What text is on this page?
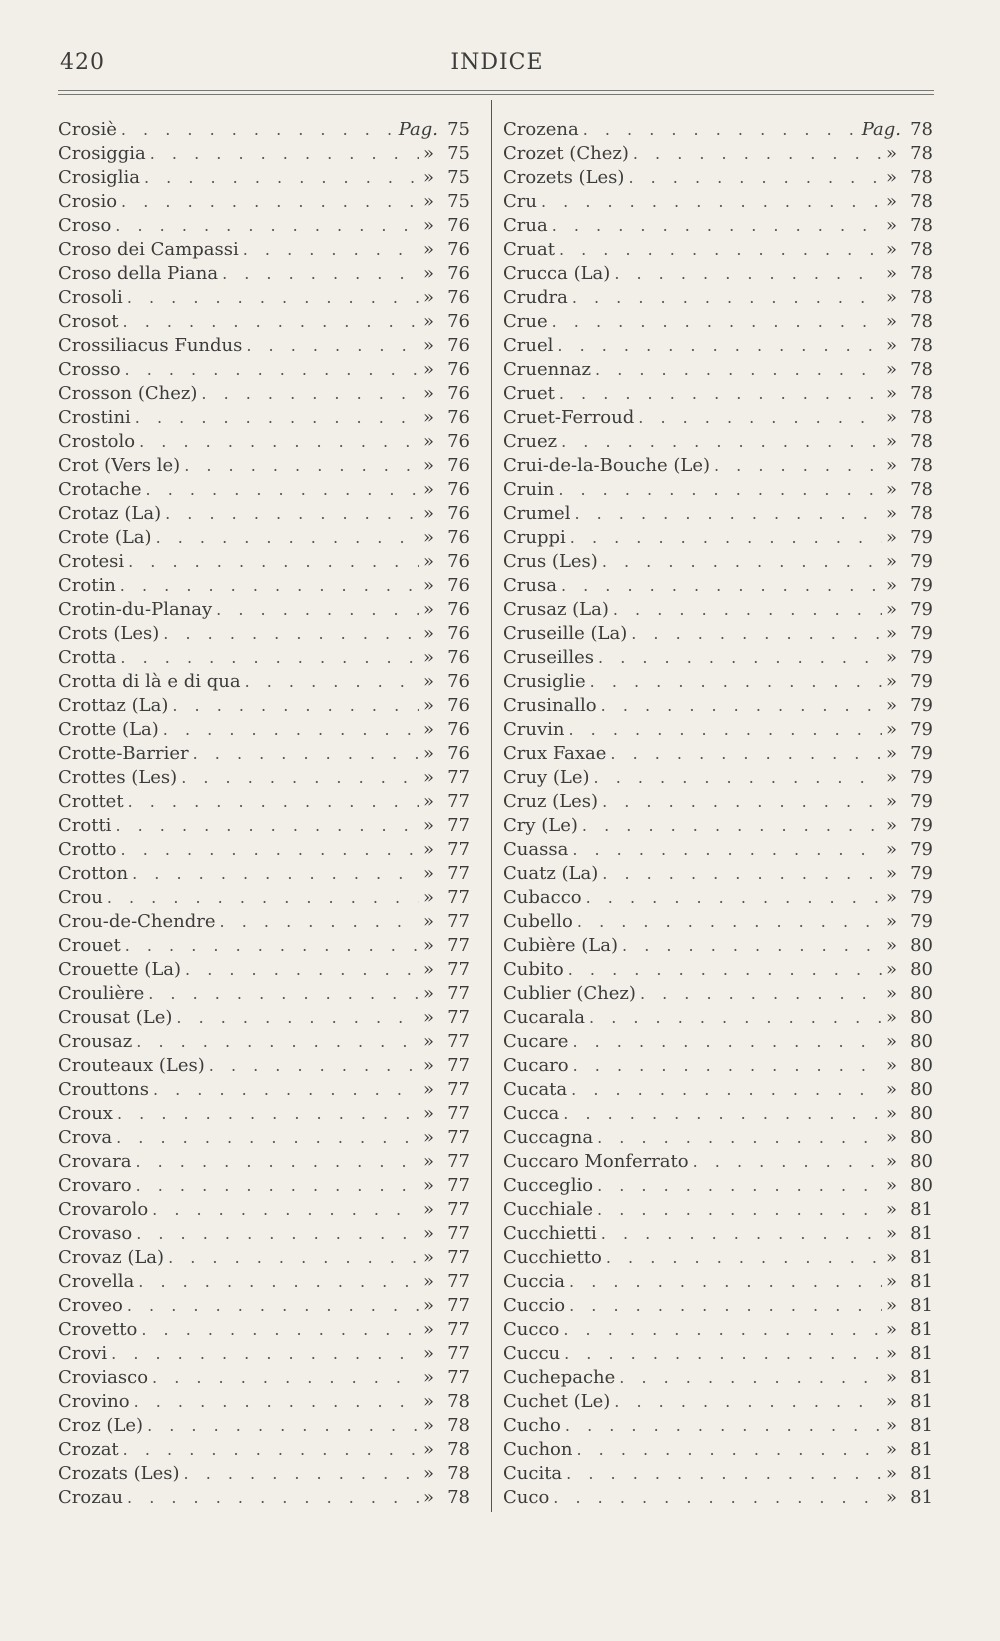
420	INDICE
Crosiè . . .	Pag. 75
Crosiggia . . .	» 75
Crosiglia . . .	» 75
Crosio . . .	» 75
Croso . . .	» 76
Croso dei Campassi . . .	» 76
Croso della Piana . . .	» 76
Crosoli . . .	» 76
Crosot . . .	» 76
Crossiliacus Fundus . . .	» 76
Crosso . . .	» 76
Crosson (Chez) . . .	» 76
Crostini . . .	» 76
Crostolo . . .	» 76
Crot (Vers le) . . .	» 76
Crotache . . .	» 76
Crotaz (La) . . .	» 76
Crote (La) . . .	» 76
Crotesi . . .	» 76
Crotin . . .	» 76
Crotin-du-Planay . . .	» 76
Crots (Les) . . .	» 76
Crotta . . .	» 76
Crotta di là e di qua . . .	» 76
Crottaz (La) . . .	» 76
Crotte (La) . . .	» 76
Crotte-Barrier . . .	» 76
Crottes (Les) . . .	» 77
Crottet . . .	» 77
Crotti . . .	» 77
Crotto . . .	» 77
Crotton . . .	» 77
Crou . . .	» 77
Crou-de-Chendre . . .	» 77
Crouet . . .	» 77
Crouette (La) . . .	» 77
Croulière . . .	» 77
Crousat (Le) . . .	» 77
Crousaz . . .	» 77
Crouteaux (Les) . . .	» 77
Crouttons . . .	» 77
Croux . . .	» 77
Crova . . .	» 77
Crovara . . .	» 77
Crovaro . . .	» 77
Crovarolo . . .	» 77
Crovaso . . .	» 77
Crovaz (La) . . .	» 77
Crovella . . .	» 77
Croveo . . .	» 77
Crovetto . . .	» 77
Crovi . . .	» 77
Croviasco . . .	» 77
Crovino . . .	» 78
Croz (Le) . . .	» 78
Crozat . . .	» 78
Crozats (Les) . . .	» 78
Crozau . . .	» 78
Crozena . . .	Pag. 78
Crozet (Chez) . . .	» 78
Crozets (Les) . . .	» 78
Cru . . .	» 78
Crua . . .	» 78
Cruat . . .	» 78
Crucca (La) . . .	» 78
Crudra . . .	» 78
Crue . . .	» 78
Cruel . . .	» 78
Cruennaz . . .	» 78
Cruet . . .	» 78
Cruet-Ferroud . . .	» 78
Cruez . . .	» 78
Crui-de-la-Bouche (Le) . . .	» 78
Cruin . . .	» 78
Crumel . . .	» 78
Cruppi . . .	» 79
Crus (Les) . . .	» 79
Crusa . . .	» 79
Crusaz (La) . . .	» 79
Cruseille (La) . . .	» 79
Cruseilles . . .	» 79
Crusiglie . . .	» 79
Crusinallo . . .	» 79
Cruvin . . .	» 79
Crux Faxae . . .	» 79
Cruy (Le) . . .	» 79
Cruz (Les) . . .	» 79
Cry (Le) . . .	» 79
Cuassa . . .	» 79
Cuatz (La) . . .	» 79
Cubacco . . .	» 79
Cubello . . .	» 79
Cubière (La) . . .	» 80
Cubito . . .	» 80
Cublier (Chez) . . .	» 80
Cucarala . . .	» 80
Cucare . . .	» 80
Cucaro . . .	» 80
Cucata . . .	» 80
Cucca . . .	» 80
Cuccagna . . .	» 80
Cuccaro Monferrato . . .	» 80
Cucceglio . . .	» 80
Cucchiale . . .	» 81
Cucchietti . . .	» 81
Cucchietto . . .	» 81
Cuccia . . .	» 81
Cuccio . . .	» 81
Cucco . . .	» 81
Cuccu . . .	» 81
Cuchepache . . .	» 81
Cuchet (Le) . . .	» 81
Cucho . . .	» 81
Cuchon . . .	» 81
Cucita . . .	» 81
Cuco . . .	» 81
